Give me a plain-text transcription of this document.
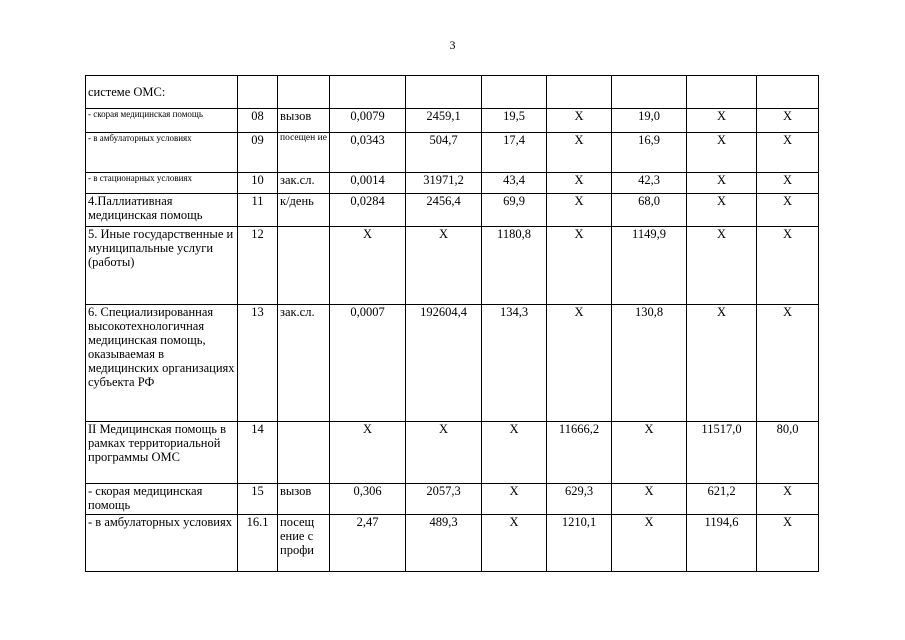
3
системе ОМС:									
- скорая медицинская помощь	08	вызов	0,0079	2459,1	19,5	Х	19,0	Х	Х
- в амбулаторных условиях	09	посещен ие	0,0343	504,7	17,4	Х	16,9	Х	Х
- в стационарных условиях	10	зак.сл.	0,0014	31971,2	43,4	Х	42,3	Х	Х
4.Паллиативная медицинская помощь	11	к/день	0,0284	2456,4	69,9	Х	68,0	Х	Х
5. Иные государственные и муниципальные услуги (работы)	12		Х	Х	1180,8	Х	1149,9	Х	Х
6. Специализированная высокотехнологичная медицинская помощь, оказываемая в медицинских организациях субъекта РФ	13	зак.сл.	0,0007	192604,4	134,3	Х	130,8	Х	Х
II Медицинская помощь в рамках территориальной программы ОМС	14		Х	Х	Х	11666,2	Х	11517,0	80,0
- скорая медицинская помощь	15	вызов	0,306	2057,3	Х	629,3	Х	621,2	Х
- в амбулаторных условиях	16.1	посещ ение с профи	2,47	489,3	Х	1210,1	Х	1194,6	Х
